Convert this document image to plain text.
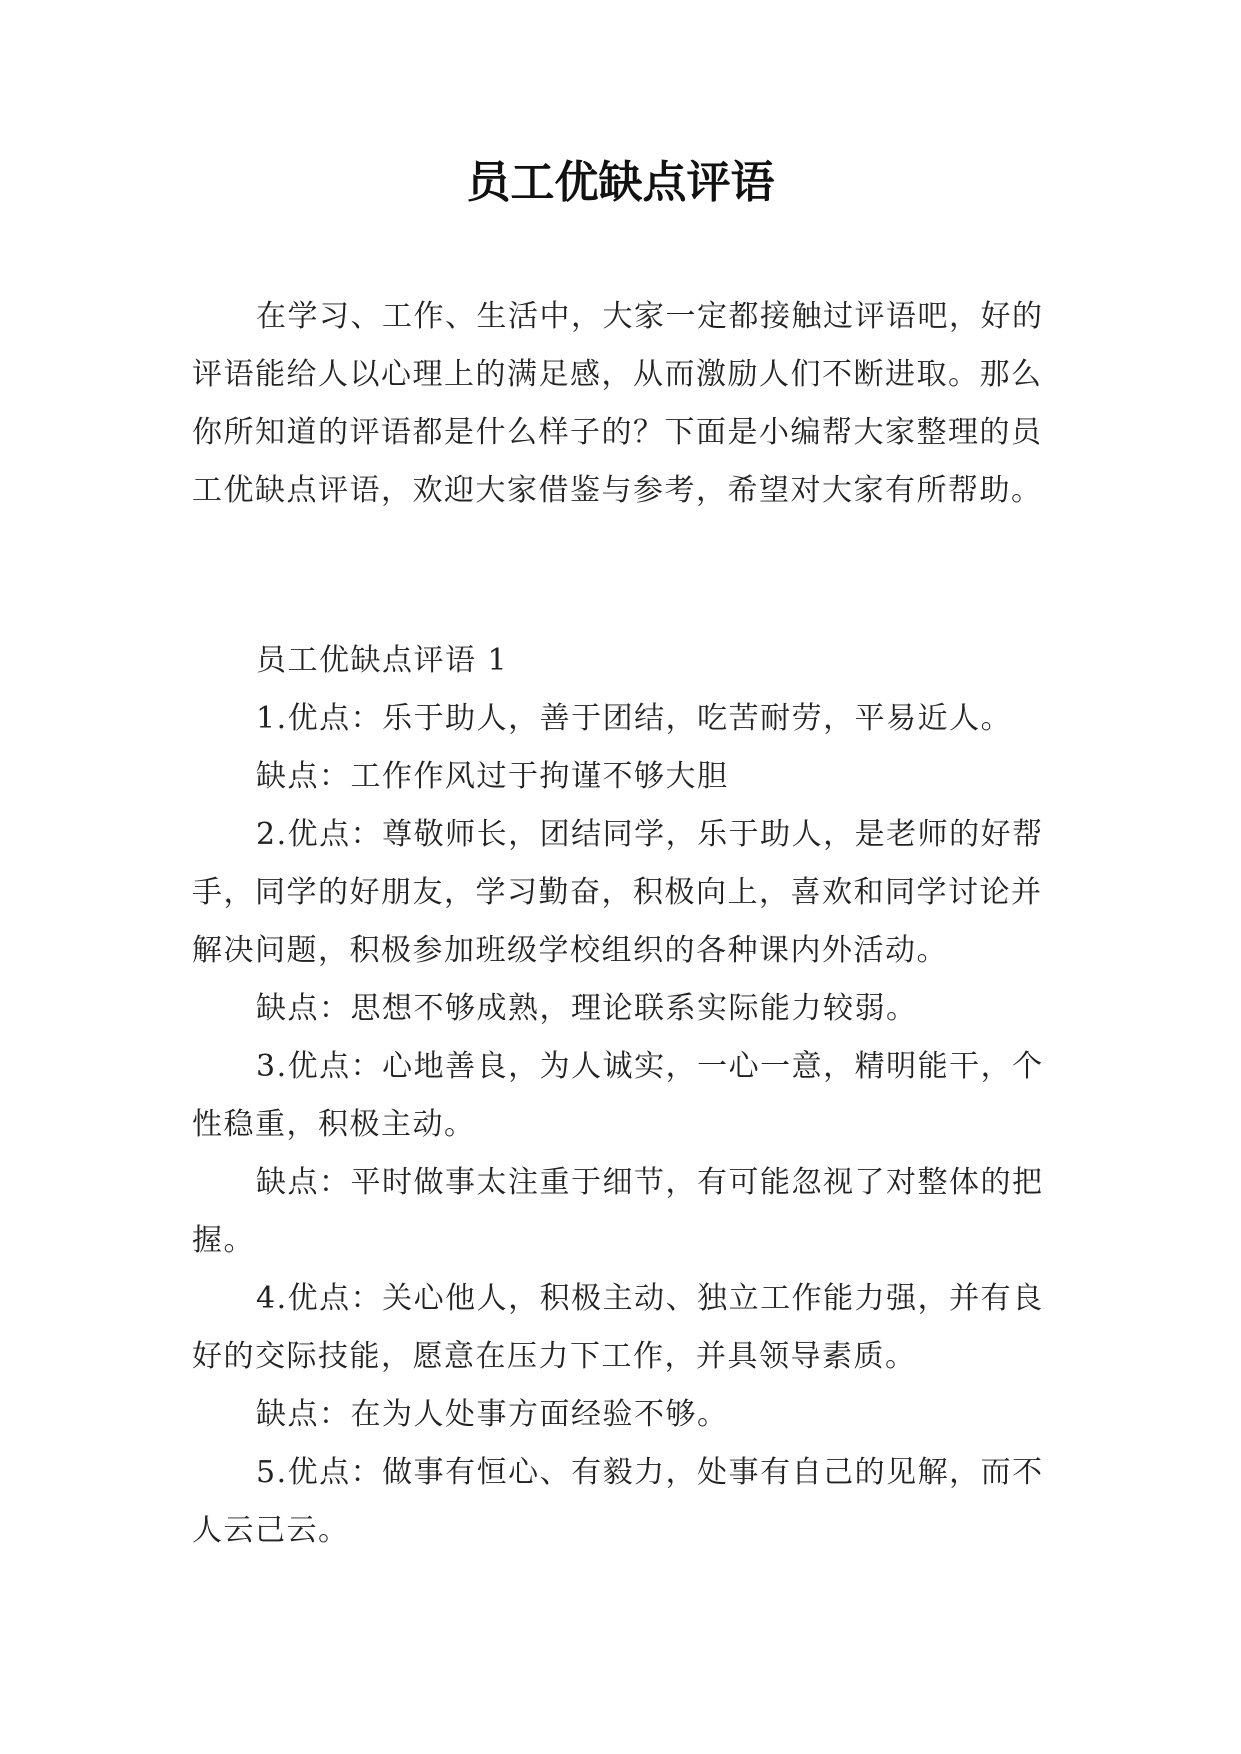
员工优缺点评语

在学习、工作、生活中，大家一定都接触过评语吧，好的评语能给人以心理上的满足感，从而激励人们不断进取。那么你所知道的评语都是什么样子的？下面是小编帮大家整理的员工优缺点评语，欢迎大家借鉴与参考，希望对大家有所帮助。

员工优缺点评语 1

1.优点：乐于助人，善于团结，吃苦耐劳，平易近人。

缺点：工作作风过于拘谨不够大胆

2.优点：尊敬师长，团结同学，乐于助人，是老师的好帮手，同学的好朋友，学习勤奋，积极向上，喜欢和同学讨论并解决问题，积极参加班级学校组织的各种课内外活动。

缺点：思想不够成熟，理论联系实际能力较弱。

3.优点：心地善良，为人诚实，一心一意，精明能干，个性稳重，积极主动。

缺点：平时做事太注重于细节，有可能忽视了对整体的把握。

4.优点：关心他人，积极主动、独立工作能力强，并有良好的交际技能，愿意在压力下工作，并具领导素质。

缺点：在为人处事方面经验不够。

5.优点：做事有恒心、有毅力，处事有自己的见解，而不人云己云。
